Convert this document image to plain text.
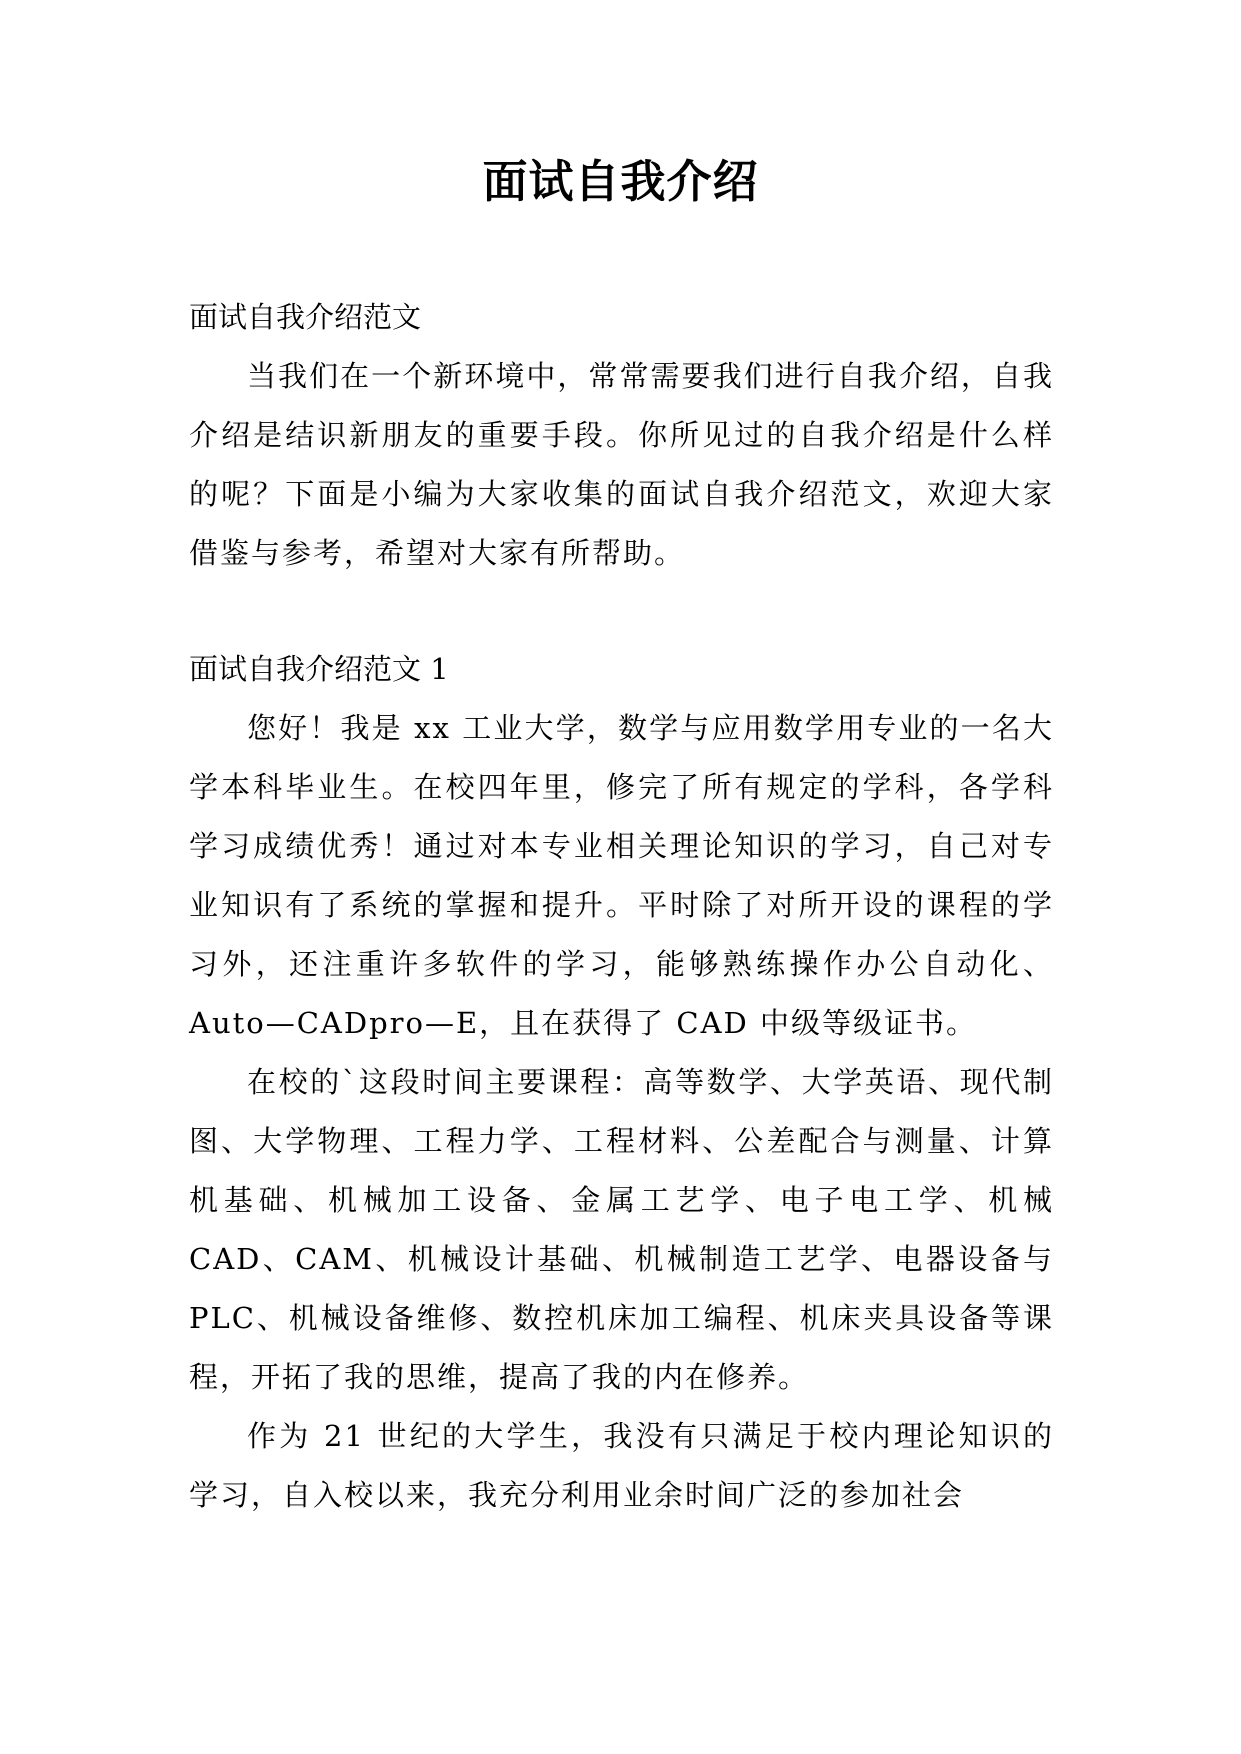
面试自我介绍

面试自我介绍范文

当我们在一个新环境中，常常需要我们进行自我介绍，自我介绍是结识新朋友的重要手段。你所见过的自我介绍是什么样的呢？下面是小编为大家收集的面试自我介绍范文，欢迎大家借鉴与参考，希望对大家有所帮助。

面试自我介绍范文 1

您好！我是 xx 工业大学，数学与应用数学用专业的一名大学本科毕业生。在校四年里，修完了所有规定的学科，各学科学习成绩优秀！通过对本专业相关理论知识的学习，自己对专业知识有了系统的掌握和提升。平时除了对所开设的课程的学习外，还注重许多软件的学习，能够熟练操作办公自动化、Auto—CADpro—E，且在获得了 CAD 中级等级证书。

在校的`这段时间主要课程：高等数学、大学英语、现代制图、大学物理、工程力学、工程材料、公差配合与测量、计算机基础、机械加工设备、金属工艺学、电子电工学、机械 CAD、CAM、机械设计基础、机械制造工艺学、电器设备与 PLC、机械设备维修、数控机床加工编程、机床夹具设备等课程，开拓了我的思维，提高了我的内在修养。

作为 21 世纪的大学生，我没有只满足于校内理论知识的学习，自入校以来，我充分利用业余时间广泛的参加社会
